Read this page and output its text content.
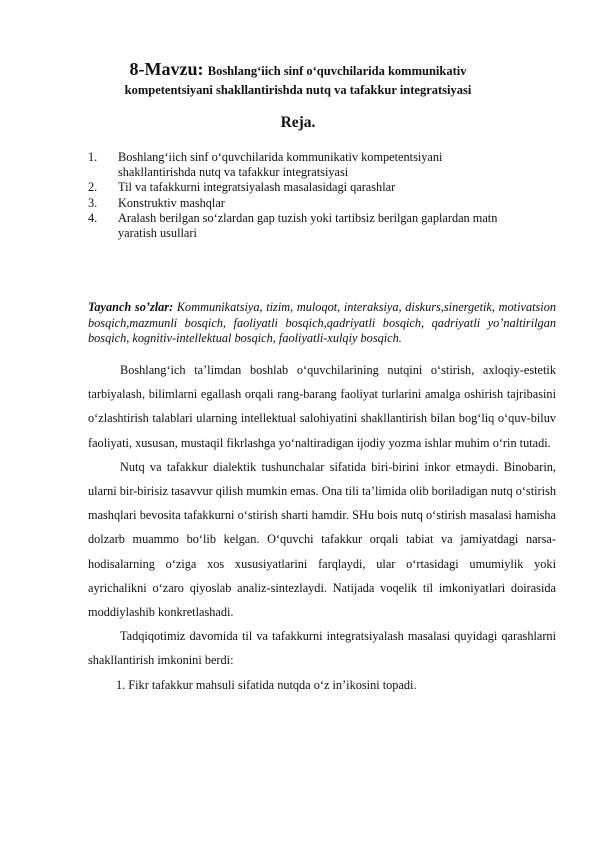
8-Mavzu: Boshlang‘iich sinf o‘quvchilarida kommunikativ
kompetentsiyani shakllantirishda nutq va tafakkur integratsiyasi
Reja.
1. Boshlang‘iich sinf o‘quvchilarida kommunikativ kompetentsiyani
shakllantirishda nutq va tafakkur integratsiyasi
2. Til va tafakkurni integratsiyalash masalasidagi qarashlar
3. Konstruktiv mashqlar
4. Aralash berilgan so‘zlardan gap tuzish yoki tartibsiz berilgan gaplardan matn
yaratish usullari
Tayanch so’zlar: Kommunikatsiya, tizim, muloqot, interaksiya, diskurs,sinergetik, motivatsion bosqich,mazmunli bosqich, faoliyatli bosqich,qadriyatli bosqich, qadriyatli yo’naltirilgan bosqich, kognitiv-intellektual bosqich, faoliyatli-xulqiy bosqich.

Boshlang‘ich ta’limdan boshlab o‘quvchilarining nutqini o‘stirish, axloqiy-estetik tarbiyalash, bilimlarni egallash orqali rang-barang faoliyat turlarini amalga oshirish tajribasini o‘zlashtirish talablari ularning intellektual salohiyatini shakllantirish bilan bog‘liq o‘quv-biluv faoliyati, xususan, mustaqil fikrlashga yo‘naltiradigan ijodiy yozma ishlar muhim o‘rin tutadi.

Nutq va tafakkur dialektik tushunchalar sifatida biri-birini inkor etmaydi. Binobarin, ularni bir-birisiz tasavvur qilish mumkin emas. Ona tili ta’limida olib boriladigan nutq o‘stirish mashqlari bevosita tafakkurni o‘stirish sharti hamdir. SHu bois nutq o‘stirish masalasi hamisha dolzarb muammo bo‘lib kelgan. O‘quvchi tafakkur orqali tabiat va jamiyatdagi narsa-hodisalarning o‘ziga xos xususiyatlarini farqlaydi, ular o‘rtasidagi umumiylik yoki ayrichalikni o‘zaro qiyoslab analiz-sintezlaydi. Natijada voqelik til imkoniyatlari doirasida moddiylashib konkretlashadi.

Tadqiqotimiz davomida til va tafakkurni integratsiyalash masalasi quyidagi qarashlarni shakllantirish imkonini berdi:

1. Fikr tafakkur mahsuli sifatida nutqda o‘z in’ikosini topadi.
